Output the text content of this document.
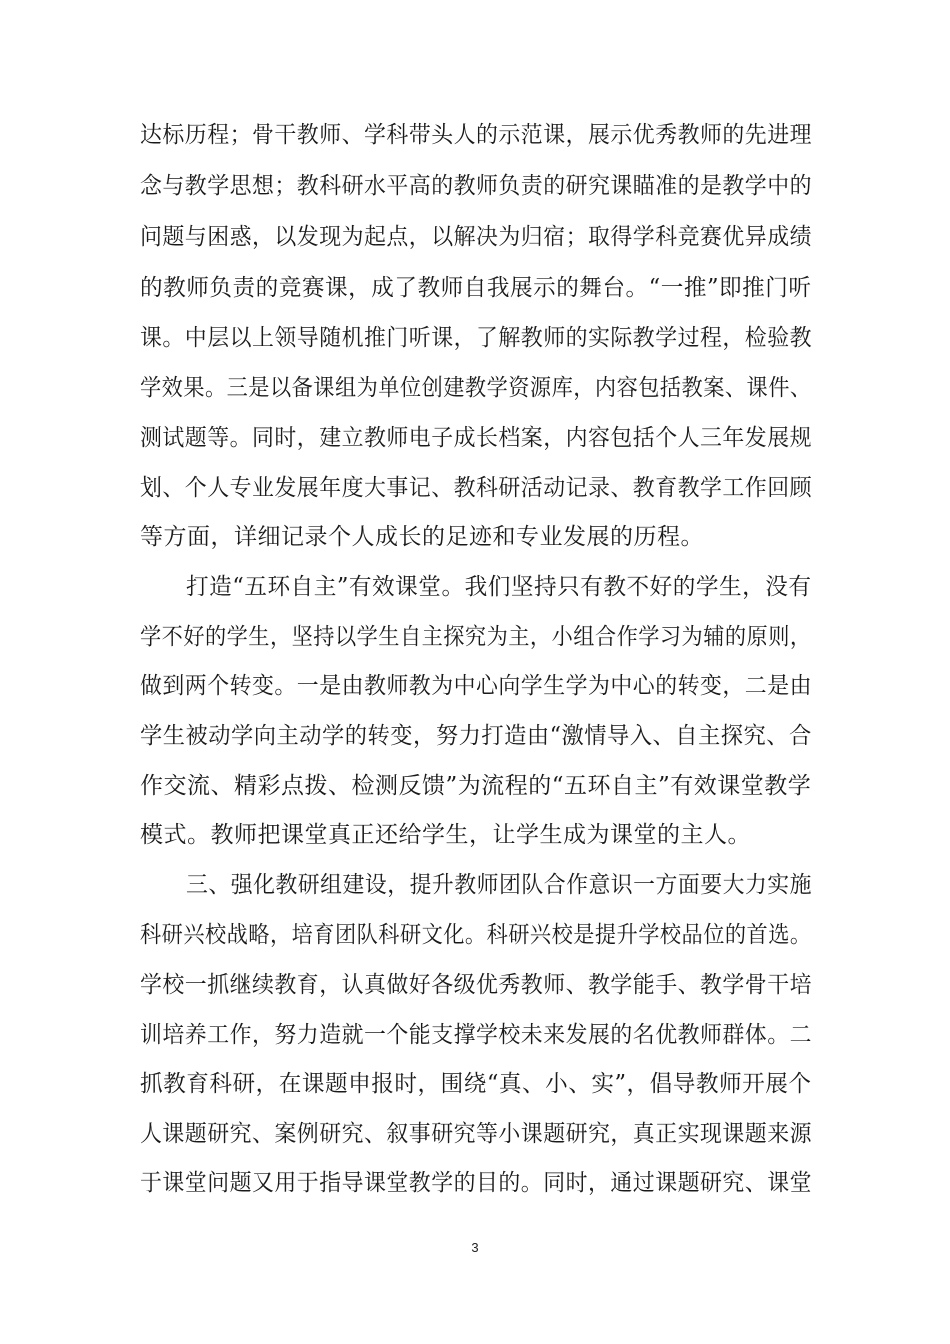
达标历程；骨干教师、学科带头人的示范课，展示优秀教师的先进理
念与教学思想；教科研水平高的教师负责的研究课瞄准的是教学中的
问题与困惑，以发现为起点，以解决为归宿；取得学科竞赛优异成绩
的教师负责的竞赛课，成了教师自我展示的舞台。“一推”即推门听
课。中层以上领导随机推门听课，了解教师的实际教学过程，检验教
学效果。三是以备课组为单位创建教学资源库，内容包括教案、课件、
测试题等。同时，建立教师电子成长档案，内容包括个人三年发展规
划、个人专业发展年度大事记、教科研活动记录、教育教学工作回顾
等方面，详细记录个人成长的足迹和专业发展的历程。
打造“五环自主”有效课堂。我们坚持只有教不好的学生，没有
学不好的学生，坚持以学生自主探究为主，小组合作学习为辅的原则，
做到两个转变。一是由教师教为中心向学生学为中心的转变，二是由
学生被动学向主动学的转变，努力打造由“激情导入、自主探究、合
作交流、精彩点拨、检测反馈”为流程的“五环自主”有效课堂教学
模式。教师把课堂真正还给学生，让学生成为课堂的主人。
三、强化教研组建设，提升教师团队合作意识一方面要大力实施
科研兴校战略，培育团队科研文化。科研兴校是提升学校品位的首选。
学校一抓继续教育，认真做好各级优秀教师、教学能手、教学骨干培
训培养工作，努力造就一个能支撑学校未来发展的名优教师群体。二
抓教育科研，在课题申报时，围绕“真、小、实”，倡导教师开展个
人课题研究、案例研究、叙事研究等小课题研究，真正实现课题来源
于课堂问题又用于指导课堂教学的目的。同时，通过课题研究、课堂
3
